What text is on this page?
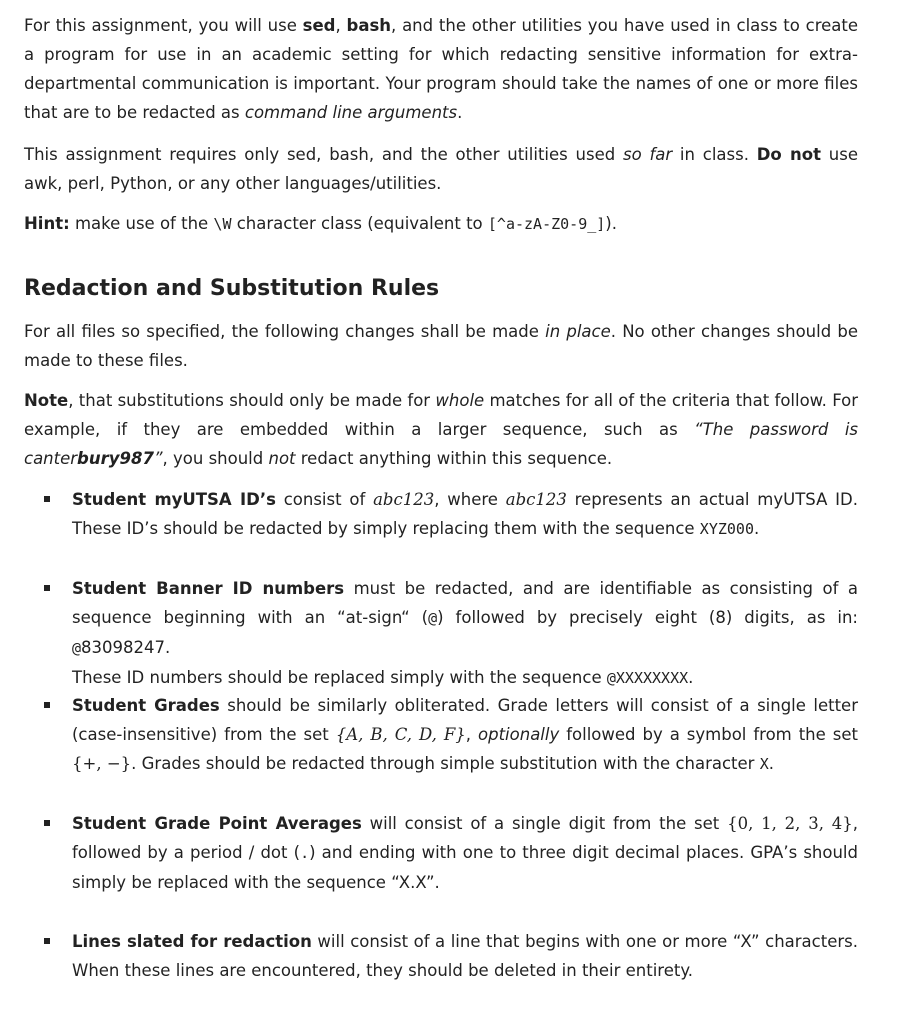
For this assignment, you will use sed, bash, and the other utilities you have used in class to create a program for use in an academic setting for which redacting sensitive information for extra-departmental communication is important. Your program should take the names of one or more files that are to be redacted as command line arguments.

This assignment requires only sed, bash, and the other utilities used so far in class. Do not use awk, perl, Python, or any other languages/utilities.

Hint: make use of the \W character class (equivalent to [^a-zA-Z0-9_]).

Redaction and Substitution Rules

For all files so specified, the following changes shall be made in place. No other changes should be made to these files.

Note, that substitutions should only be made for whole matches for all of the criteria that follow. For example, if they are embedded within a larger sequence, such as “The password is canterbury987”, you should not redact anything within this sequence.

Student myUTSA ID’s consist of abc123, where abc123 represents an actual myUTSA ID. These ID’s should be redacted by simply replacing them with the sequence XYZ000.

Student Banner ID numbers must be redacted, and are identifiable as consisting of a sequence beginning with an “at-sign“ (@) followed by precisely eight (8) digits, as in: @83098247.

These ID numbers should be replaced simply with the sequence @XXXXXXXX.

Student Grades should be similarly obliterated. Grade letters will consist of a single letter (case-insensitive) from the set {A, B, C, D, F}, optionally followed by a symbol from the set {+, −}. Grades should be redacted through simple substitution with the character X.

Student Grade Point Averages will consist of a single digit from the set {0, 1, 2, 3, 4}, followed by a period / dot (.) and ending with one to three digit decimal places. GPA’s should simply be replaced with the sequence “X.X”.

Lines slated for redaction will consist of a line that begins with one or more “X” characters. When these lines are encountered, they should be deleted in their entirety.
